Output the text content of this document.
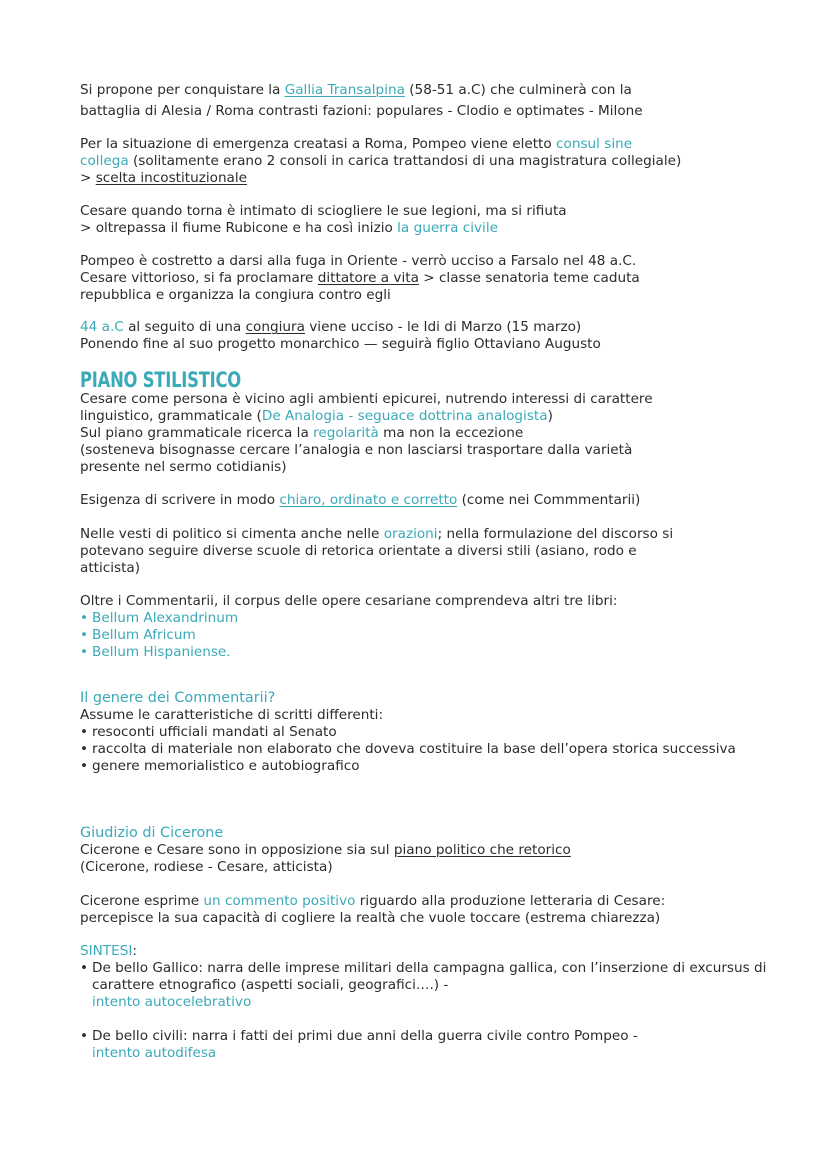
Si propone per conquistare la Gallia Transalpina (58-51 a.C) che culminerà con la

battaglia di Alesia / Roma contrasti fazioni: populares - Clodio e optimates - Milone

Per la situazione di emergenza creatasi a Roma, Pompeo viene eletto consul sine

collega (solitamente erano 2 consoli in carica trattandosi di una magistratura collegiale)

> scelta incostituzionale

Cesare quando torna è intimato di sciogliere le sue legioni, ma si rifiuta

> oltrepassa il fiume Rubicone e ha così inizio la guerra civile

Pompeo è costretto a darsi alla fuga in Oriente - verrò ucciso a Farsalo nel 48 a.C.

Cesare vittorioso, si fa proclamare dittatore a vita > classe senatoria teme caduta

repubblica e organizza la congiura contro egli

44 a.C al seguito di una congiura viene ucciso - le Idi di Marzo (15 marzo)

Ponendo fine al suo progetto monarchico — seguirà figlio Ottaviano Augusto

PIANO STILISTICO

Cesare come persona è vicino agli ambienti epicurei, nutrendo interessi di carattere

linguistico, grammaticale (De Analogia - seguace dottrina analogista)

Sul piano grammaticale ricerca la regolarità ma non la eccezione

(sosteneva bisognasse cercare l’analogia e non lasciarsi trasportare dalla varietà

presente nel sermo cotidianis)

Esigenza di scrivere in modo chiaro, ordinato e corretto (come nei Commmentarii)

Nelle vesti di politico si cimenta anche nelle orazioni; nella formulazione del discorso si

potevano seguire diverse scuole di retorica orientate a diversi stili (asiano, rodo e

atticista)

Oltre i Commentarii, il corpus delle opere cesariane comprendeva altri tre libri:

• Bellum Alexandrinum
• Bellum Africum
• Bellum Hispaniense.

Il genere dei Commentarii?

Assume le caratteristiche di scritti differenti:

• resoconti ufficiali mandati al Senato
• raccolta di materiale non elaborato che doveva costituire la base dell’opera storica successiva
• genere memorialistico e autobiografico

Giudizio di Cicerone

Cicerone e Cesare sono in opposizione sia sul piano politico che retorico

(Cicerone, rodiese - Cesare, atticista)

Cicerone esprime un commento positivo riguardo alla produzione letteraria di Cesare:

percepisce la sua capacità di cogliere la realtà che vuole toccare (estrema chiarezza)

SINTESI:

• De bello Gallico: narra delle imprese militari della campagna gallica, con l’inserzione di excursus di carattere etnografico (aspetti sociali, geografici….) -
intento autocelebrativo
• De bello civili: narra i fatti dei primi due anni della guerra civile contro Pompeo -
intento autodifesa
